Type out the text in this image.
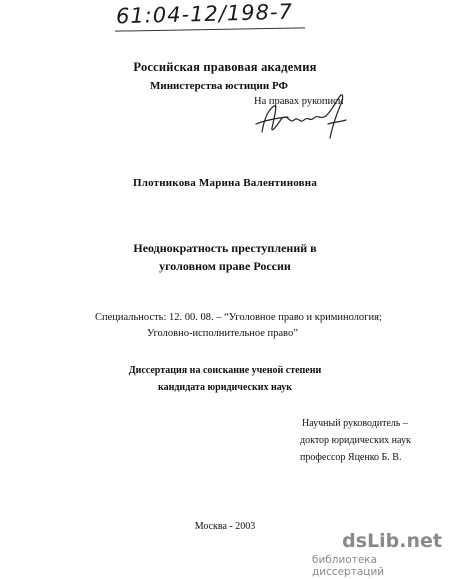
61:04-12/198-7
Российская правовая академия
Министерства юстиции РФ
На правах рукописи
Плотникова Марина Валентиновна
Неоднократность преступлений в
уголовном праве России
Специальность: 12. 00. 08. – “Уголовное право и криминология;
Уголовно-исполнительное право”
Диссертация на соискание ученой степени
кандидата юридических наук
Научный руководитель –
доктор юридических наук
профессор Яценко Б. В.
Москва - 2003
dsLib.net
библиотека диссертаций
